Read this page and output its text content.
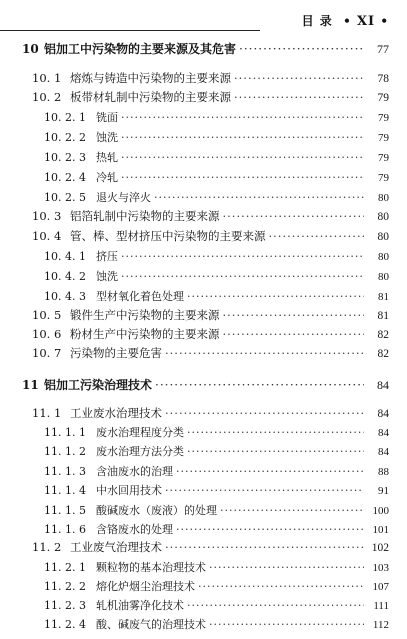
目 录 • XI •
10 铝加工中污染物的主要来源及其危害 ·····	77
10. 1 熔炼与铸造中污染物的主要来源 ·····	78
10. 2 板带材轧制中污染物的主要来源 ·····	79
10. 2. 1 铣面 ·····	79
10. 2. 2 蚀洗 ·····	79
10. 2. 3 热轧 ·····	79
10. 2. 4 冷轧 ·····	79
10. 2. 5 退火与淬火 ·····	80
10. 3 铝箔轧制中污染物的主要来源 ·····	80
10. 4 管、棒、型材挤压中污染物的主要来源 ·····	80
10. 4. 1 挤压 ·····	80
10. 4. 2 蚀洗 ·····	80
10. 4. 3 型材氧化着色处理 ·····	81
10. 5 锻件生产中污染物的主要来源 ·····	81
10. 6 粉材生产中污染物的主要来源 ·····	82
10. 7 污染物的主要危害 ·····	82
11 铝加工污染治理技术 ·····	84
11. 1 工业废水治理技术 ·····	84
11. 1. 1 废水治理程度分类 ·····	84
11. 1. 2 废水治理方法分类 ·····	84
11. 1. 3 含油废水的治理 ·····	88
11. 1. 4 中水回用技术 ·····	91
11. 1. 5 酸碱废水（废液）的处理 ·····	100
11. 1. 6 含铬废水的处理 ·····	101
11. 2 工业废气治理技术 ·····	102
11. 2. 1 颗粒物的基本治理技术 ·····	103
11. 2. 2 熔化炉烟尘治理技术 ·····	107
11. 2. 3 轧机油雾净化技术 ·····	111
11. 2. 4 酸、碱废气的治理技术 ·····	112
